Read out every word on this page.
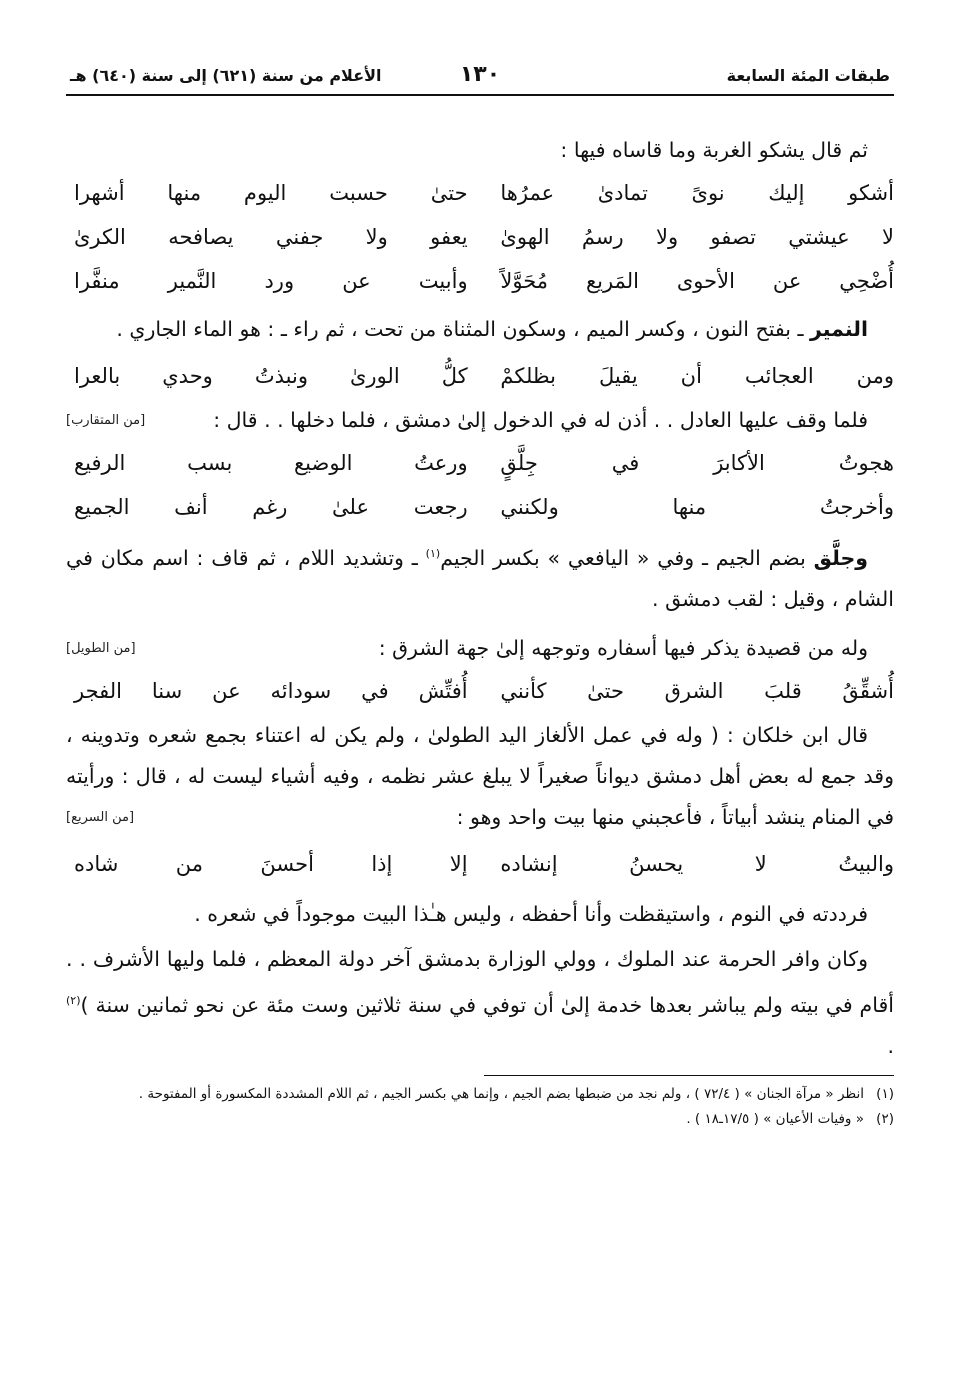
طبقات المئة السابعة
١٣٠
الأعلام من سنة (٦٢١) إلى سنة (٦٤٠) هـ

ثم قال يشكو الغربة وما قاساه فيها :

أشكو إليك نوىً تمادىٰ عمرُها
حتىٰ حسبت اليوم منها أشهرا
لا عيشتي تصفو ولا رسمُ الهوىٰ
يعفو ولا جفني يصافحه الكرىٰ
أُضْحِي عن الأحوى المَريع مُحَوَّلاً
وأبيت عن ورد النَّمير منفَّرا

النمير ـ بفتح النون ، وكسر الميم ، وسكون المثناة من تحت ، ثم راء ـ : هو الماء الجاري .

ومن العجائب أن يقيلَ بظلكمْ
كلُّ الورىٰ ونبذتُ وحدي بالعرا

فلما وقف عليها العادل . . أذن له في الدخول إلىٰ دمشق ، فلما دخلها . . قال :
[من المتقارب]

هجوتُ الأكابرَ في جِلَّقٍ
ورعتُ الوضيع بسب الرفيع
وأخرجتُ منها ولكنني
رجعت علىٰ رغم أنف الجميع

وجلَّق بضم الجيم ـ وفي « اليافعي » بكسر الجيم$^{(١)}$ ـ وتشديد اللام ، ثم قاف : اسم مكان في الشام ، وقيل : لقب دمشق .

وله من قصيدة يذكر فيها أسفاره وتوجهه إلىٰ جهة الشرق :
[من الطويل]

أُشقِّقُ قلبَ الشرق حتىٰ كأنني
أُفتِّش في سودائه عن سنا الفجر

قال ابن خلكان : ( وله في عمل الألغاز اليد الطولىٰ ، ولم يكن له اعتناء بجمع شعره وتدوينه ، وقد جمع له بعض أهل دمشق ديواناً صغيراً لا يبلغ عشر نظمه ، وفيه أشياء ليست له ، قال : ورأيته في المنام ينشد أبياتاً ، فأعجبني منها بيت واحد وهو :
[من السريع]

والبيتُ لا يحسنُ إنشاده
إلا إذا أحسنَ من شاده

فرددته في النوم ، واستيقظت وأنا أحفظه ، وليس هـٰذا البيت موجوداً في شعره .

وكان وافر الحرمة عند الملوك ، وولي الوزارة بدمشق آخر دولة المعظم ، فلما وليها الأشرف . . أقام في بيته ولم يباشر بعدها خدمة إلىٰ أن توفي في سنة ثلاثين وست مئة عن نحو ثمانين سنة )$^{(٢)}$ .

(١)انظر « مرآة الجنان » ( ٧٢/٤ ) ، ولم نجد من ضبطها بضم الجيم ، وإنما هي بكسر الجيم ، ثم اللام المشددة المكسورة أو المفتوحة .

(٢)« وفيات الأعيان » ( ١٧/٥ـ١٨ ) .
